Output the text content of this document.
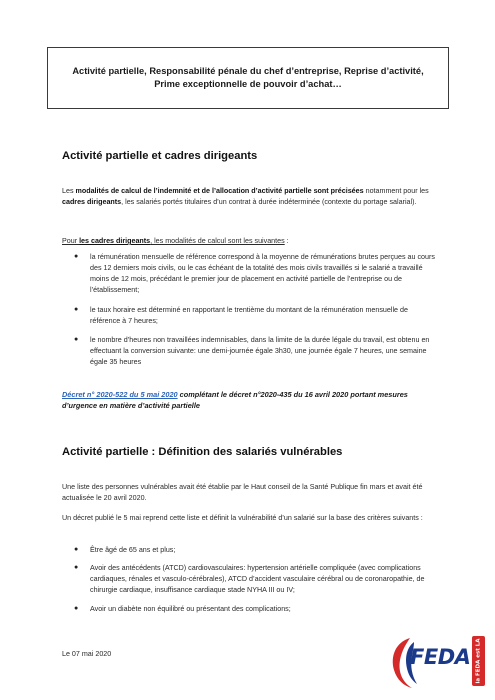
Activité partielle, Responsabilité pénale du chef d’entreprise, Reprise d’activité,
Prime exceptionnelle de pouvoir d’achat…
Activité partielle et cadres dirigeants

Les modalités de calcul de l’indemnité et de l’allocation d’activité partielle sont précisées notamment pour les cadres dirigeants, les salariés portés titulaires d’un contrat à durée indéterminée (contexte du portage salarial).

Pour les cadres dirigeants, les modalités de calcul sont les suivantes :

● la rémunération mensuelle de référence correspond à la moyenne de rémunérations brutes perçues au cours des 12 derniers mois civils, ou le cas échéant de la totalité des mois civils travaillés si le salarié a travaillé moins de 12 mois, précédant le premier jour de placement en activité partielle de l’entreprise ou de l’établissement;
● le taux horaire est déterminé en rapportant le trentième du montant de la rémunération mensuelle de référence à 7 heures;
● le nombre d’heures non travaillées indemnisables, dans la limite de la durée légale du travail, est obtenu en effectuant la conversion suivante: une demi-journée égale 3h30, une journée égale 7 heures, une semaine égale 35 heures

Décret n° 2020-522 du 5 mai 2020 complétant le décret n°2020-435 du 16 avril 2020 portant mesures d’urgence en matière d’activité partielle

Activité partielle : Définition des salariés vulnérables

Une liste des personnes vulnérables avait été établie par le Haut conseil de la Santé Publique fin mars et avait été actualisée le 20 avril 2020.

Un décret publié le 5 mai reprend cette liste et définit la vulnérabilité d’un salarié sur la base des critères suivants :

● Être âgé de 65 ans et plus;
● Avoir des antécédents (ATCD) cardiovasculaires: hypertension artérielle compliquée (avec complications cardiaques, rénales et vasculo-cérébrales), ATCD d’accident vasculaire cérébral ou de coronaropathie, de chirurgie cardiaque, insuffisance cardiaque stade NYHA III ou IV;
● Avoir un diabète non équilibré ou présentant des complications;
Le 07 mai 2020	FEDA la FEDA est LA
